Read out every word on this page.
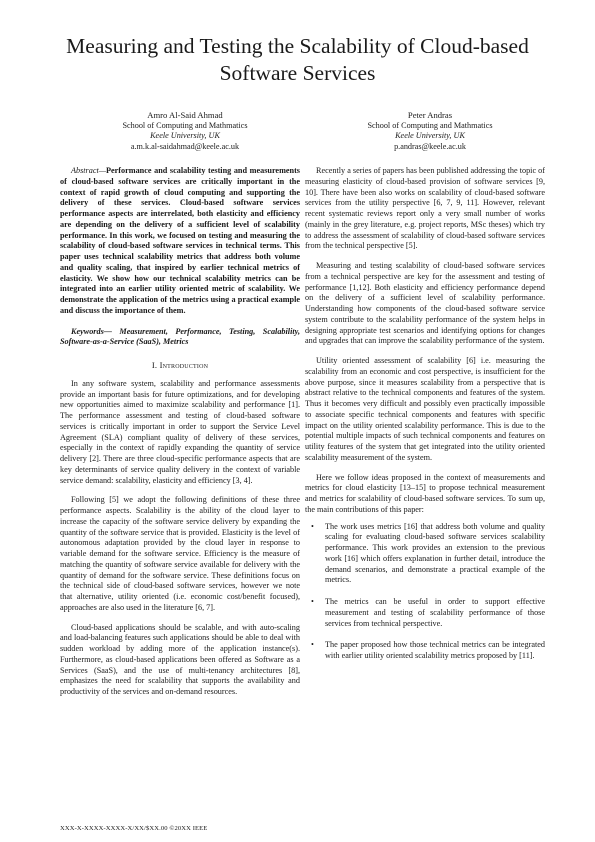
Measuring and Testing the Scalability of Cloud-based Software Services
Amro Al-Said Ahmad
School of Computing and Mathmatics
Keele University, UK
a.m.k.al-saidahmad@keele.ac.uk
Peter Andras
School of Computing and Mathmatics
Keele University, UK
p.andras@keele.ac.uk

Abstract—Performance and scalability testing and measurements of cloud-based software services are critically important in the context of rapid growth of cloud computing and supporting the delivery of these services. Cloud-based software services performance aspects are interrelated, both elasticity and efficiency are depending on the delivery of a sufficient level of scalability performance. In this work, we focused on testing and measuring the scalability of cloud-based software services in technical terms. This paper uses technical scalability metrics that address both volume and quality scaling, that inspired by earlier technical metrics of elasticity. We show how our technical scalability metrics can be integrated into an earlier utility oriented metric of scalability. We demonstrate the application of the metrics using a practical example and discuss the importance of them.

Keywords— Measurement, Performance, Testing, Scalability, Software-as-a-Service (SaaS), Metrics

I. Introduction

In any software system, scalability and performance assessments provide an important basis for future optimizations, and for developing new opportunities aimed to maximize scalability and performance [1]. The performance assessment and testing of cloud-based software services is critically important in order to support the Service Level Agreement (SLA) compliant quality of delivery of these services, especially in the context of rapidly expanding the quantity of service delivery [2]. There are three cloud-specific performance aspects that are key determinants of service quality delivery in the context of variable service demand: scalability, elasticity and efficiency [3, 4].

Following [5] we adopt the following definitions of these three performance aspects. Scalability is the ability of the cloud layer to increase the capacity of the software service delivery by expanding the quantity of the software service that is provided. Elasticity is the level of autonomous adaptation provided by the cloud layer in response to variable demand for the software service. Efficiency is the measure of matching the quantity of software service available for delivery with the quantity of demand for the software service. These definitions focus on the technical side of cloud-based software services, however we note that alternative, utility oriented (i.e. economic cost/benefit focused), approaches are also used in the literature [6, 7].

Cloud-based applications should be scalable, and with auto-scaling and load-balancing features such applications should be able to deal with sudden workload by adding more of the application instance(s). Furthermore, as cloud-based applications been offered as Software as a Services (SaaS), and the use of multi-tenancy architectures [8], emphasizes the need for scalability that supports the availability and productivity of the services and on-demand resources.

Recently a series of papers has been published addressing the topic of measuring elasticity of cloud-based provision of software services [9, 10]. There have been also works on scalability of cloud-based software services from the utility perspective [6, 7, 9, 11]. However, relevant recent systematic reviews report only a very small number of works (mainly in the grey literature, e.g. project reports, MSc theses) which try to address the assessment of scalability of cloud-based software services from the technical perspective [5].

Measuring and testing scalability of cloud-based software services from a technical perspective are key for the assessment and testing of performance [1,12]. Both elasticity and efficiency performance depend on the delivery of a sufficient level of scalability performance. Understanding how components of the cloud-based software service system contribute to the scalability performance of the system helps in designing appropriate test scenarios and identifying options for changes and upgrades that can improve the scalability performance of the system.

Utility oriented assessment of scalability [6] i.e. measuring the scalability from an economic and cost perspective, is insufficient for the above purpose, since it measures scalability from a perspective that is abstract relative to the technical components and features of the system. Thus it becomes very difficult and possibly even practically impossible to associate specific technical components and features with specific impact on the utility oriented scalability performance. This is due to the potential multiple impacts of such technical components and features on utility features of the system that get integrated into the utility oriented scalability measurement of the system.

Here we follow ideas proposed in the context of measurements and metrics for cloud elasticity [13–15] to propose technical measurement and metrics for scalability of cloud-based software services. To sum up, the main contributions of this paper:

• The work uses metrics [16] that address both volume and quality scaling for evaluating cloud-based software services scalability performance. This work provides an extension to the previous work [16] which offers explanation in further detail, introduce the demand scenarios, and demonstrate a practical example of the metrics.
• The metrics can be useful in order to support effective measurement and testing of scalability performance of those services from technical perspective.
• The paper proposed how those technical metrics can be integrated with earlier utility oriented scalability metrics proposed by [11].
XXX-X-XXXX-XXXX-X/XX/$XX.00 ©20XX IEEE
